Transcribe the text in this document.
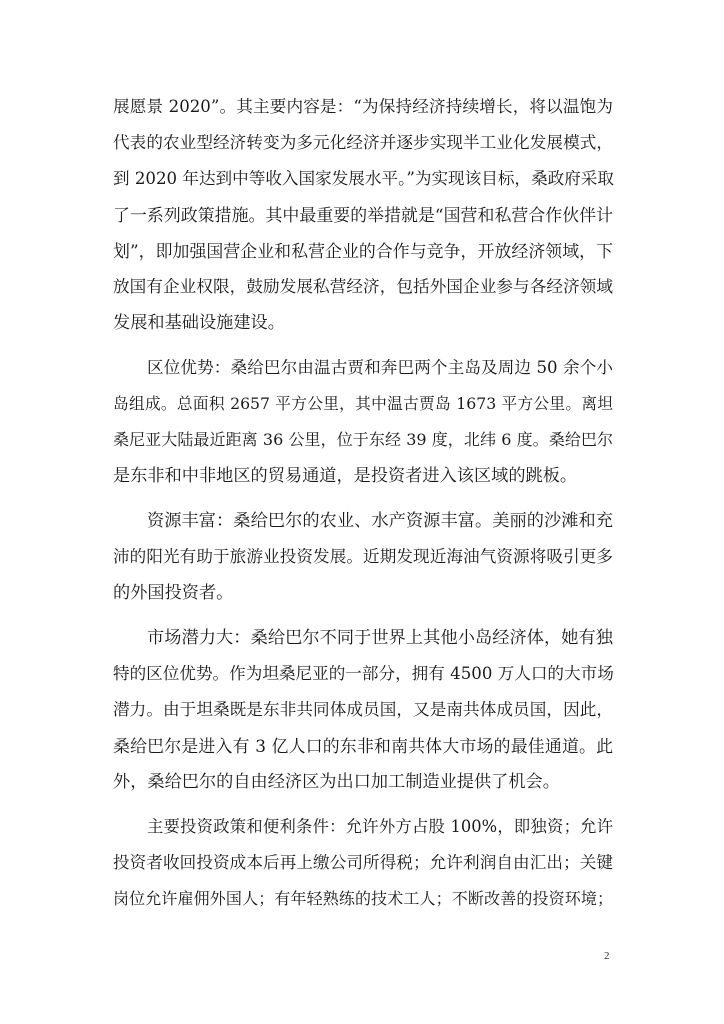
展愿景 2020”。其主要内容是：“为保持经济持续增长，将以温饱为
代表的农业型经济转变为多元化经济并逐步实现半工业化发展模式，
到 2020 年达到中等收入国家发展水平。”为实现该目标，桑政府采取
了一系列政策措施。其中最重要的举措就是“国营和私营合作伙伴计
划”，即加强国营企业和私营企业的合作与竞争，开放经济领域，下
放国有企业权限，鼓励发展私营经济，包括外国企业参与各经济领域
发展和基础设施建设。
区位优势：桑给巴尔由温古贾和奔巴两个主岛及周边 50 余个小
岛组成。总面积 2657 平方公里，其中温古贾岛 1673 平方公里。离坦
桑尼亚大陆最近距离 36 公里，位于东经 39 度，北纬 6 度。桑给巴尔
是东非和中非地区的贸易通道，是投资者进入该区域的跳板。
资源丰富：桑给巴尔的农业、水产资源丰富。美丽的沙滩和充
沛的阳光有助于旅游业投资发展。近期发现近海油气资源将吸引更多
的外国投资者。
市场潜力大：桑给巴尔不同于世界上其他小岛经济体，她有独
特的区位优势。作为坦桑尼亚的一部分，拥有 4500 万人口的大市场
潜力。由于坦桑既是东非共同体成员国，又是南共体成员国，因此，
桑给巴尔是进入有 3 亿人口的东非和南共体大市场的最佳通道。此
外，桑给巴尔的自由经济区为出口加工制造业提供了机会。
主要投资政策和便利条件：允许外方占股 100%，即独资；允许
投资者收回投资成本后再上缴公司所得税；允许利润自由汇出；关键
岗位允许雇佣外国人；有年轻熟练的技术工人；不断改善的投资环境；
2
